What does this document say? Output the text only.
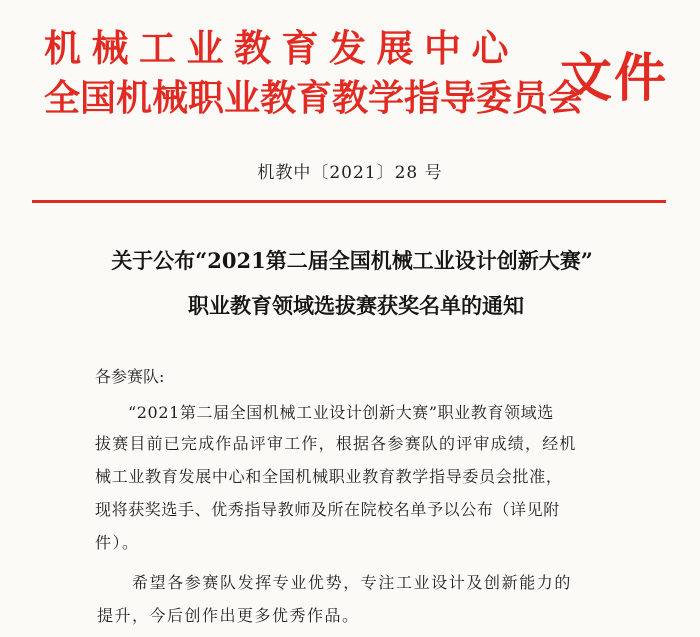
机械工业教育发展中心
全国机械职业教育教学指导委员会
文件
机教中〔2021〕28 号
关于公布“2021第二届全国机械工业设计创新大赛”
职业教育领域选拔赛获奖名单的通知
各参赛队:
“2021第二届全国机械工业设计创新大赛”职业教育领域选
拔赛目前已完成作品评审工作，根据各参赛队的评审成绩，经机
械工业教育发展中心和全国机械职业教育教学指导委员会批准，
现将获奖选手、优秀指导教师及所在院校名单予以公布（详见附
件）。
希望各参赛队发挥专业优势，专注工业设计及创新能力的
提升，今后创作出更多优秀作品。
